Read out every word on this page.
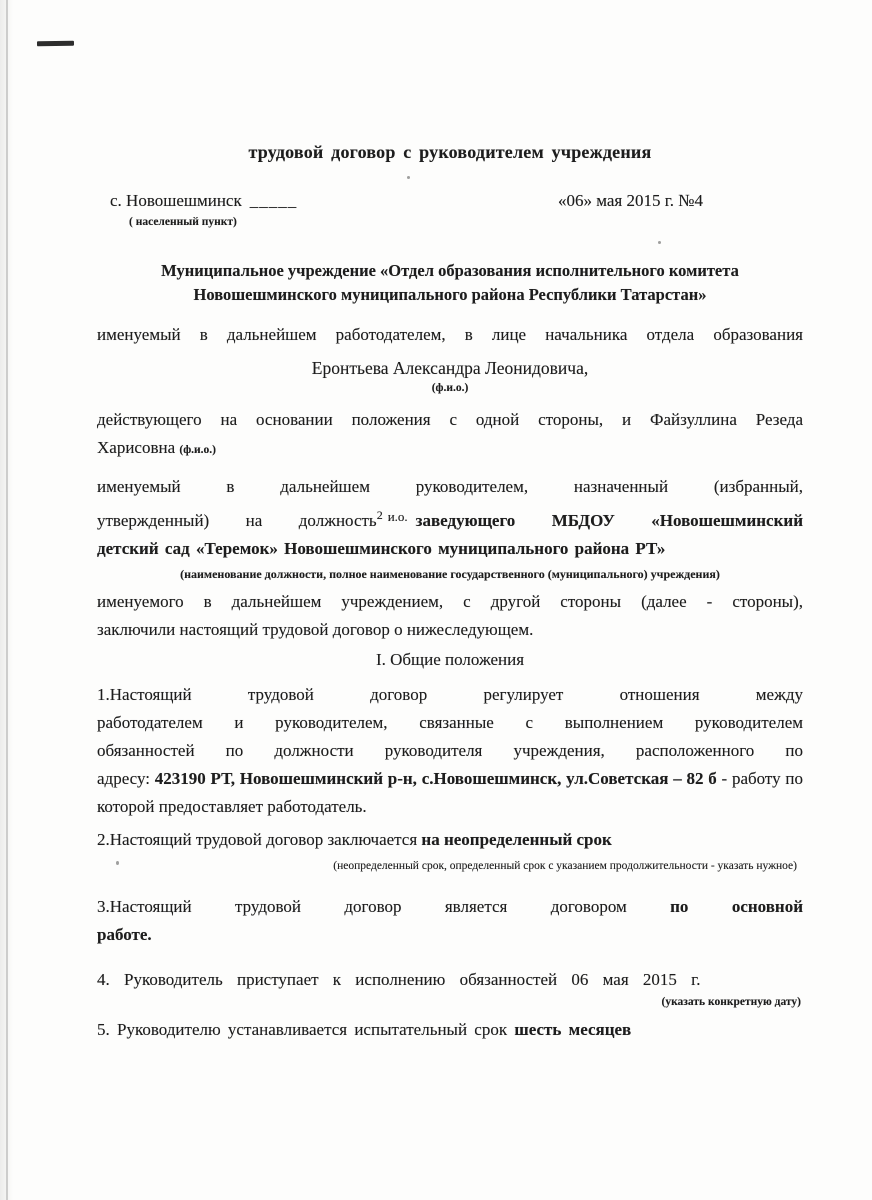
трудовой договор с руководителем учреждения
с. Новошешминск _____	«06» мая 2015 г. №4
( населенный пункт)
Муниципальное учреждение «Отдел образования исполнительного комитета
Новошешминского муниципального района Республики Татарстан»
именуемый в дальнейшем работодателем, в лице начальника отдела образования
Еронтьева Александра Леонидовича,
(ф.и.о.)
действующего на основании положения с одной стороны, и Файзуллина Резеда
Харисовна (ф.и.о.)
именуемый в дальнейшем руководителем, назначенный (избранный,
утвержденный) на должность$^2$ $^{и.о.}$ заведующего МБДОУ «Новошешминский
детский сад «Теремок» Новошешминского муниципального района РТ»
(наименование должности, полное наименование государственного (муниципального) учреждения)
именуемого в дальнейшем учреждением, с другой стороны (далее - стороны),
заключили настоящий трудовой договор о нижеследующем.
I. Общие положения
1.Настоящий трудовой договор регулирует отношения между
работодателем и руководителем, связанные с выполнением руководителем
обязанностей по должности руководителя учреждения, расположенного по
адресу: 423190 РТ, Новошешминский р-н, с.Новошешминск, ул.Советская – 82 б - работу по
которой предоставляет работодатель.
2.Настоящий трудовой договор заключается на неопределенный срок
(неопределенный срок, определенный срок с указанием продолжительности - указать нужное)
3.Настоящий трудовой договор является договором по основной
работе.
4. Руководитель приступает к исполнению обязанностей 06 мая 2015 г.
(указать конкретную дату)
5. Руководителю устанавливается испытательный срок шесть месяцев
